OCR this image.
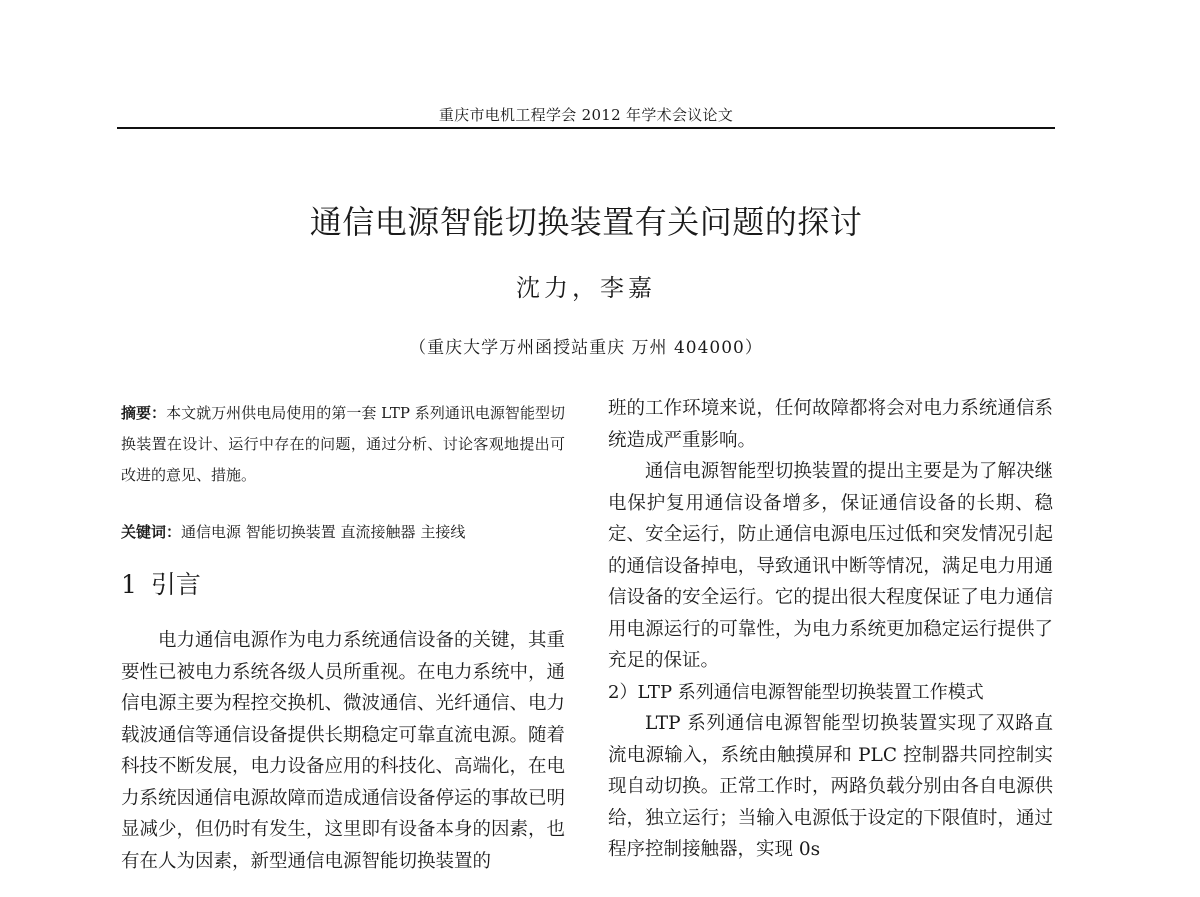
重庆市电机工程学会 2012 年学术会议论文
通信电源智能切换装置有关问题的探讨
沈力，李嘉
（重庆大学万州函授站重庆 万州 404000）

摘要：本文就万州供电局使用的第一套 LTP 系列通讯电源智能型切换装置在设计、运行中存在的问题，通过分析、讨论客观地提出可改进的意见、措施。

关键词：通信电源 智能切换装置 直流接触器 主接线

1 引言

电力通信电源作为电力系统通信设备的关键，其重要性已被电力系统各级人员所重视。在电力系统中，通信电源主要为程控交换机、微波通信、光纤通信、电力载波通信等通信设备提供长期稳定可靠直流电源。随着科技不断发展，电力设备应用的科技化、高端化，在电力系统因通信电源故障而造成通信设备停运的事故已明显减少，但仍时有发生，这里即有设备本身的因素，也有在人为因素，新型通信电源智能切换装置的

班的工作环境来说，任何故障都将会对电力系统通信系统造成严重影响。

通信电源智能型切换装置的提出主要是为了解决继电保护复用通信设备增多，保证通信设备的长期、稳定、安全运行，防止通信电源电压过低和突发情况引起的通信设备掉电，导致通讯中断等情况，满足电力用通信设备的安全运行。它的提出很大程度保证了电力通信用电源运行的可靠性，为电力系统更加稳定运行提供了充足的保证。

2）LTP 系列通信电源智能型切换装置工作模式

LTP 系列通信电源智能型切换装置实现了双路直流电源输入，系统由触摸屏和 PLC 控制器共同控制实现自动切换。正常工作时，两路负载分别由各自电源供给，独立运行；当输入电源低于设定的下限值时，通过程序控制接触器，实现 0s
